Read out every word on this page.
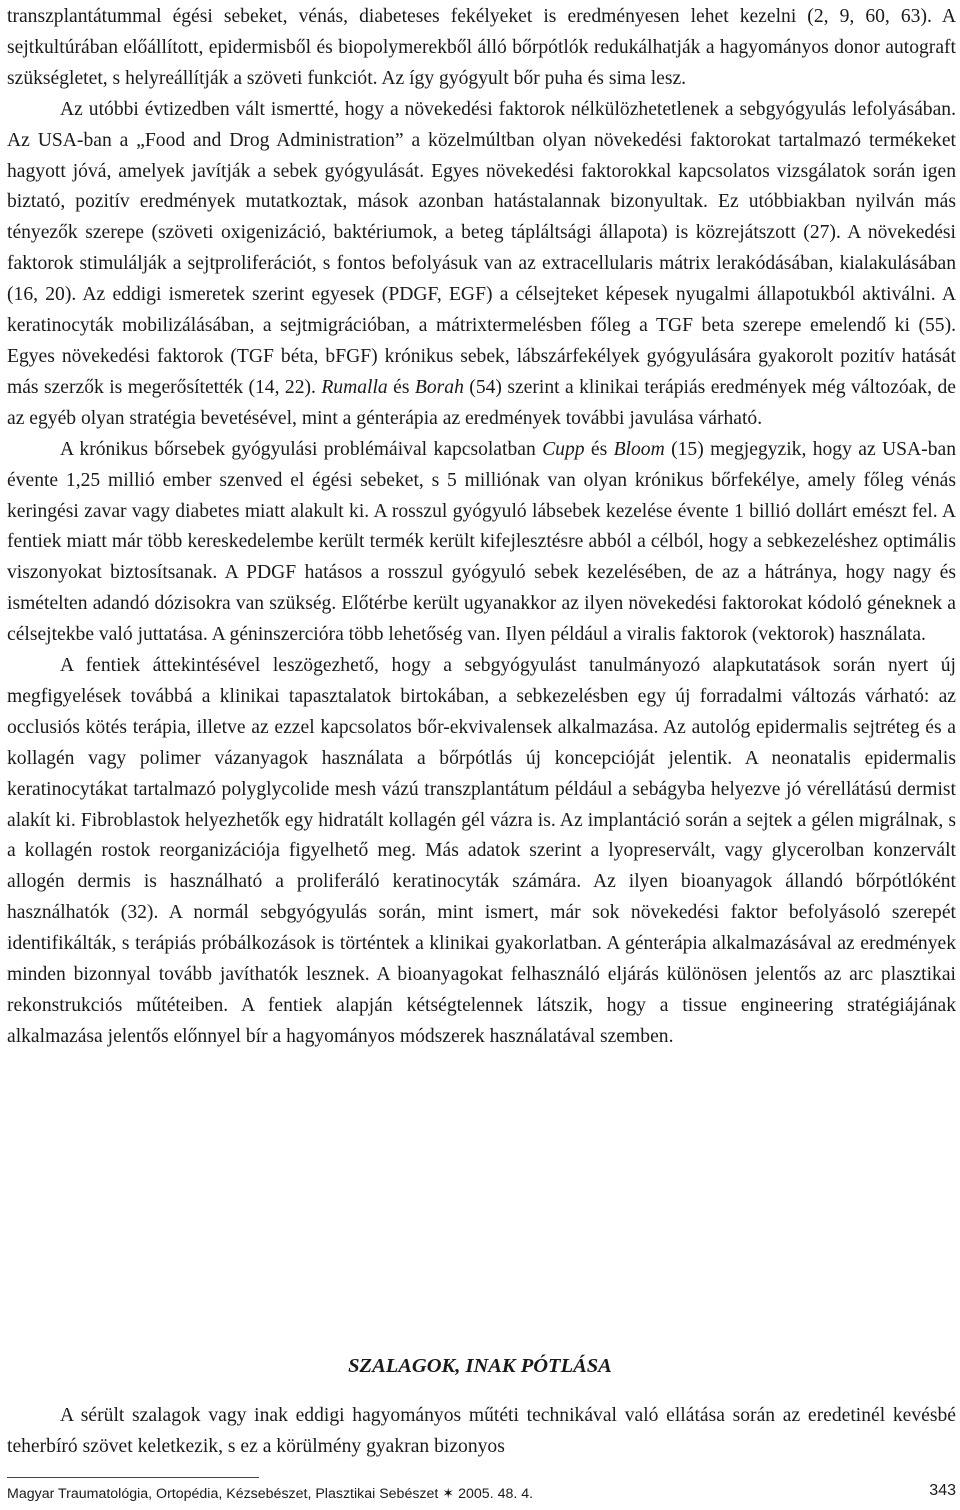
transzplantátummal égési sebeket, vénás, diabeteses fekélyeket is eredményesen lehet kezelni (2, 9, 60, 63). A sejtkultúrában előállított, epidermisből és biopolymerekből álló bőrpótlók redukálhatják a hagyományos donor autograft szükségletet, s helyreállítják a szöveti funkciót. Az így gyógyult bőr puha és sima lesz.

Az utóbbi évtizedben vált ismertté, hogy a növekedési faktorok nélkülözhetetlenek a sebgyógyulás lefolyásában. Az USA-ban a „Food and Drog Administration” a közelmúltban olyan növekedési faktorokat tartalmazó termékeket hagyott jóvá, amelyek javítják a sebek gyógyulását. Egyes növekedési faktorokkal kapcsolatos vizsgálatok során igen biztató, pozitív eredmények mutatkoztak, mások azonban hatástalannak bizonyultak. Ez utóbbiakban nyilván más tényezők szerepe (szöveti oxigenizáció, baktériumok, a beteg tápláltsági állapota) is közrejátszott (27). A növekedési faktorok stimulálják a sejtproliferációt, s fontos befolyásuk van az extracellularis mátrix lerakódásában, kialakulásában (16, 20). Az eddigi ismeretek szerint egyesek (PDGF, EGF) a célsejteket képesek nyugalmi állapotukból aktiválni. A keratinocyták mobilizálásában, a sejtmigrációban, a mátrixtermelésben főleg a TGF beta szerepe emelendő ki (55). Egyes növekedési faktorok (TGF béta, bFGF) krónikus sebek, lábszárfekélyek gyógyulására gyakorolt pozitív hatását más szerzők is megerősítették (14, 22). Rumalla és Borah (54) szerint a klinikai terápiás eredmények még változóak, de az egyéb olyan stratégia bevetésével, mint a génterápia az eredmények további javulása várható.

A krónikus bőrsebek gyógyulási problémáival kapcsolatban Cupp és Bloom (15) megjegyzik, hogy az USA-ban évente 1,25 millió ember szenved el égési sebeket, s 5 milliónak van olyan krónikus bőrfekélye, amely főleg vénás keringési zavar vagy diabetes miatt alakult ki. A rosszul gyógyuló lábsebek kezelése évente 1 billió dollárt emészt fel. A fentiek miatt már több kereskedelembe került termék került kifejlesztésre abból a célból, hogy a sebkezeléshez optimális viszonyokat biztosítsanak. A PDGF hatásos a rosszul gyógyuló sebek kezelésében, de az a hátránya, hogy nagy és ismételten adandó dózisokra van szükség. Előtérbe került ugyanakkor az ilyen növekedési faktorokat kódoló géneknek a célsejtekbe való juttatása. A géninszercióra több lehetőség van. Ilyen például a viralis faktorok (vektorok) használata.

A fentiek áttekintésével leszögezhető, hogy a sebgyógyulást tanulmányozó alapkutatások során nyert új megfigyelések továbbá a klinikai tapasztalatok birtokában, a sebkezelésben egy új forradalmi változás várható: az occlusiós kötés terápia, illetve az ezzel kapcsolatos bőr-ekvivalensek alkalmazása. Az autológ epidermalis sejtréteg és a kollagén vagy polimer vázanyagok használata a bőrpótlás új koncepcióját jelentik. A neonatalis epidermalis keratinocytákat tartalmazó polyglycolide mesh vázú transzplantátum például a sebágyba helyezve jó vérellátású dermist alakít ki. Fibroblastok helyezhetők egy hidratált kollagén gél vázra is. Az implantáció során a sejtek a gélen migrálnak, s a kollagén rostok reorganizációja figyelhető meg. Más adatok szerint a lyopreservált, vagy glycerolban konzervált allogén dermis is használható a proliferáló keratinocyták számára. Az ilyen bioanyagok állandó bőrpótlóként használhatók (32). A normál sebgyógyulás során, mint ismert, már sok növekedési faktor befolyásoló szerepét identifikálták, s terápiás próbálkozások is történtek a klinikai gyakorlatban. A génterápia alkalmazásával az eredmények minden bizonnyal tovább javíthatók lesznek. A bioanyagokat felhasználó eljárás különösen jelentős az arc plasztikai rekonstrukciós műtéteiben. A fentiek alapján kétségtelennek látszik, hogy a tissue engineering stratégiájának alkalmazása jelentős előnnyel bír a hagyományos módszerek használatával szemben.

SZALAGOK, INAK PÓTLÁSA

A sérült szalagok vagy inak eddigi hagyományos műtéti technikával való ellátása során az eredetinél kevésbé teherbíró szövet keletkezik, s ez a körülmény gyakran bizonyos

Magyar Traumatológia, Ortopédia, Kézsebészet, Plasztikai Sebészet ✶ 2005. 48. 4.	343
